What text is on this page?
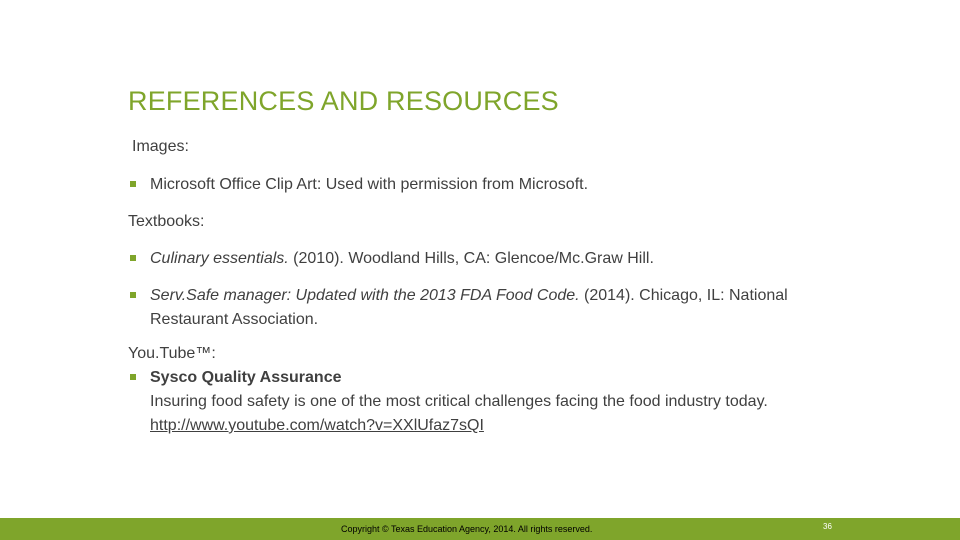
REFERENCES AND RESOURCES
Images:
Microsoft Office Clip Art: Used with permission from Microsoft.
Textbooks:
Culinary essentials. (2010). Woodland Hills, CA: Glencoe/Mc.Graw Hill.
Serv.Safe manager: Updated with the 2013 FDA Food Code. (2014). Chicago, IL: National Restaurant Association.
You.Tube™:
Sysco Quality Assurance
Insuring food safety is one of the most critical challenges facing the food industry today.
http://www.youtube.com/watch?v=XXlUfaz7sQI
Copyright © Texas Education Agency, 2014. All rights reserved.	36
